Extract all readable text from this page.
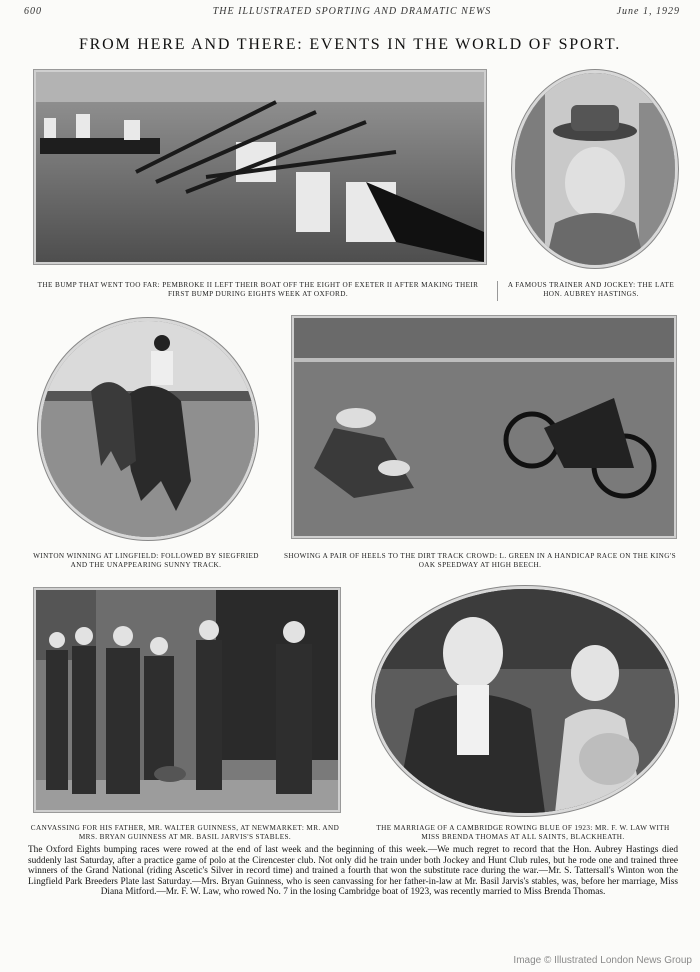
600	THE ILLUSTRATED SPORTING AND DRAMATIC NEWS	June 1, 1929
FROM HERE AND THERE: EVENTS IN THE WORLD OF SPORT.
THE BUMP THAT WENT TOO FAR: PEMBROKE II LEFT THEIR BOAT OFF THE EIGHT OF EXETER II AFTER MAKING THEIR FIRST BUMP DURING EIGHTS WEEK AT OXFORD.
A FAMOUS TRAINER AND JOCKEY: THE LATE HON. AUBREY HASTINGS.
WINTON WINNING AT LINGFIELD: FOLLOWED BY SIEGFRIED AND THE UNAPPEARING SUNNY TRACK.
SHOWING A PAIR OF HEELS TO THE DIRT TRACK CROWD: L. GREEN IN A HANDICAP RACE ON THE KING'S OAK SPEEDWAY AT HIGH BEECH.
CANVASSING FOR HIS FATHER, MR. WALTER GUINNESS, AT NEWMARKET: MR. AND MRS. BRYAN GUINNESS AT MR. BASIL JARVIS'S STABLES.
THE MARRIAGE OF A CAMBRIDGE ROWING BLUE OF 1923: MR. F. W. LAW WITH MISS BRENDA THOMAS AT ALL SAINTS, BLACKHEATH.

The Oxford Eights bumping races were rowed at the end of last week and the beginning of this week.—We much regret to record that the Hon. Aubrey Hastings died suddenly last Saturday, after a practice game of polo at the Cirencester club. Not only did he train under both Jockey and Hunt Club rules, but he rode one and trained three winners of the Grand National (riding Ascetic's Silver in record time) and trained a fourth that won the substitute race during the war.—Mr. S. Tattersall's Winton won the Lingfield Park Breeders Plate last Saturday.—Mrs. Bryan Guinness, who is seen canvassing for her father-in-law at Mr. Basil Jarvis's stables, was, before her marriage, Miss Diana Mitford.—Mr. F. W. Law, who rowed No. 7 in the losing Cambridge boat of 1923, was recently married to Miss Brenda Thomas.

Image © Illustrated London News Group
